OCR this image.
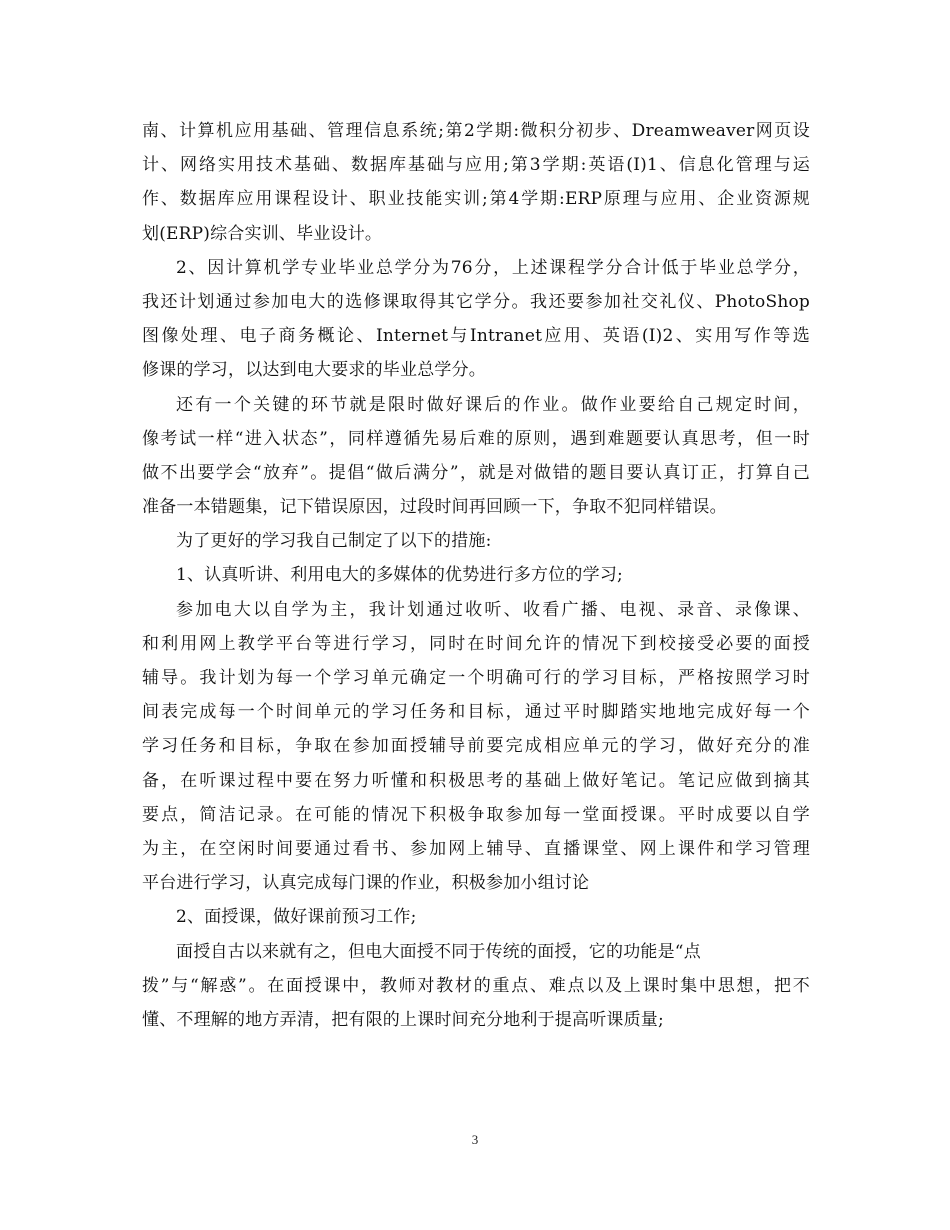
南、计算机应用基础、管理信息系统;第2学期:微积分初步、Dreamweaver网页设
计、网络实用技术基础、数据库基础与应用;第3学期:英语(I)1、信息化管理与运
作、数据库应用课程设计、职业技能实训;第4学期:ERP原理与应用、企业资源规
划(ERP)综合实训、毕业设计。
2、因计算机学专业毕业总学分为76分，上述课程学分合计低于毕业总学分，
我还计划通过参加电大的选修课取得其它学分。我还要参加社交礼仪、PhotoShop
图像处理、电子商务概论、Internet与Intranet应用、英语(I)2、实用写作等选
修课的学习，以达到电大要求的毕业总学分。
还有一个关键的环节就是限时做好课后的作业。做作业要给自己规定时间，
像考试一样“进入状态”，同样遵循先易后难的原则，遇到难题要认真思考，但一时
做不出要学会“放弃”。提倡“做后满分”，就是对做错的题目要认真订正，打算自己
准备一本错题集，记下错误原因，过段时间再回顾一下，争取不犯同样错误。
为了更好的学习我自己制定了以下的措施:
1、认真听讲、利用电大的多媒体的优势进行多方位的学习;
参加电大以自学为主，我计划通过收听、收看广播、电视、录音、录像课、
和利用网上教学平台等进行学习，同时在时间允许的情况下到校接受必要的面授
辅导。我计划为每一个学习单元确定一个明确可行的学习目标，严格按照学习时
间表完成每一个时间单元的学习任务和目标，通过平时脚踏实地地完成好每一个
学习任务和目标，争取在参加面授辅导前要完成相应单元的学习，做好充分的准
备，在听课过程中要在努力听懂和积极思考的基础上做好笔记。笔记应做到摘其
要点，简洁记录。在可能的情况下积极争取参加每一堂面授课。平时成要以自学
为主，在空闲时间要通过看书、参加网上辅导、直播课堂、网上课件和学习管理
平台进行学习，认真完成每门课的作业，积极参加小组讨论
2、面授课，做好课前预习工作;
面授自古以来就有之，但电大面授不同于传统的面授，它的功能是“点
拨”与“解惑”。在面授课中，教师对教材的重点、难点以及上课时集中思想，把不
懂、不理解的地方弄清，把有限的上课时间充分地利于提高听课质量;
3
